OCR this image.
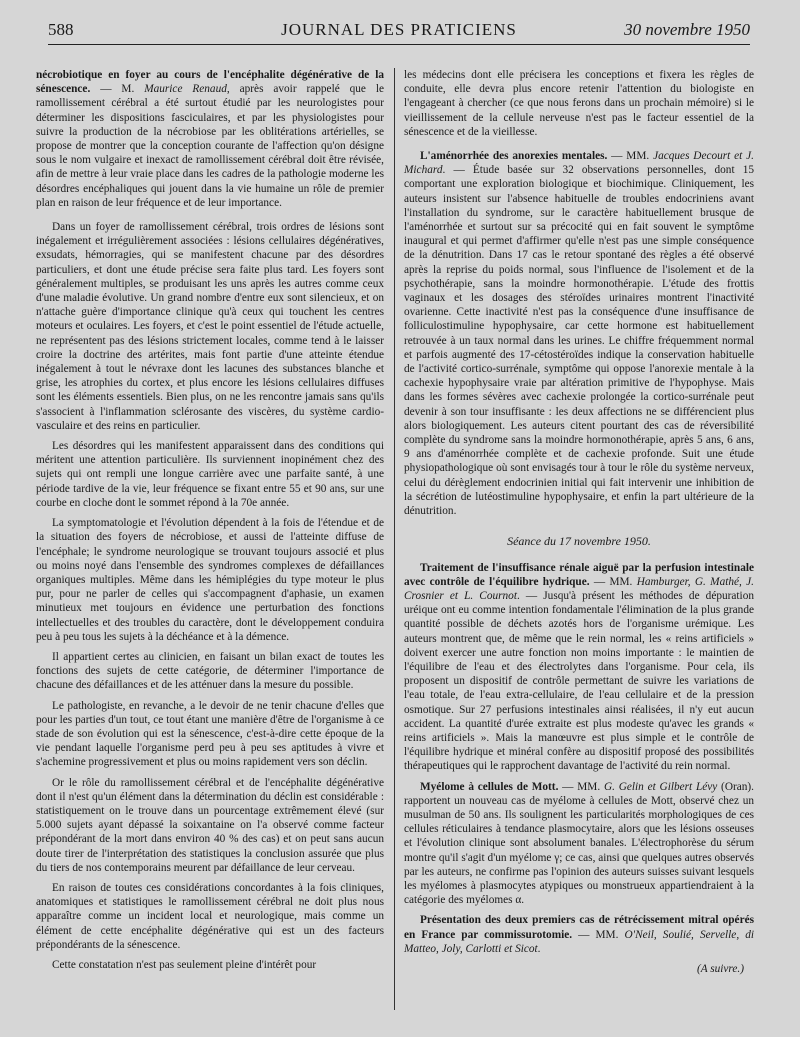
588	JOURNAL DES PRATICIENS	30 novembre 1950

nécrobiotique en foyer au cours de l'encéphalite dégénérative de la sénescence. — M. Maurice Renaud, après avoir rappelé que le ramollissement cérébral a été surtout étudié par les neurologistes pour déterminer les dispositions fasciculaires, et par les physiologistes pour suivre la production de la nécrobiose par les oblitérations artérielles, se propose de montrer que la conception courante de l'affection qu'on désigne sous le nom vulgaire et inexact de ramollissement cérébral doit être révisée, afin de mettre à leur vraie place dans les cadres de la pathologie moderne les désordres encéphaliques qui jouent dans la vie humaine un rôle de premier plan en raison de leur fréquence et de leur importance.

Dans un foyer de ramollissement cérébral, trois ordres de lésions sont inégalement et irrégulièrement associées : lésions cellulaires dégénératives, exsudats, hémorragies, qui se manifestent chacune par des désordres particuliers, et dont une étude précise sera faite plus tard. Les foyers sont généralement multiples, se produisant les uns après les autres comme ceux d'une maladie évolutive. Un grand nombre d'entre eux sont silencieux, et on n'attache guère d'importance clinique qu'à ceux qui touchent les centres moteurs et oculaires. Les foyers, et c'est le point essentiel de l'étude actuelle, ne représentent pas des lésions strictement locales, comme tend à le laisser croire la doctrine des artérites, mais font partie d'une atteinte étendue inégalement à tout le névraxe dont les lacunes des substances blanche et grise, les atrophies du cortex, et plus encore les lésions cellulaires diffuses sont les éléments essentiels. Bien plus, on ne les rencontre jamais sans qu'ils s'associent à l'inflammation sclérosante des viscères, du système cardio-vasculaire et des reins en particulier.

Les désordres qui les manifestent apparaissent dans des conditions qui méritent une attention particulière. Ils surviennent inopinément chez des sujets qui ont rempli une longue carrière avec une parfaite santé, à une période tardive de la vie, leur fréquence se fixant entre 55 et 90 ans, sur une courbe en cloche dont le sommet répond à la 70e année.

La symptomatologie et l'évolution dépendent à la fois de l'étendue et de la situation des foyers de nécrobiose, et aussi de l'atteinte diffuse de l'encéphale; le syndrome neurologique se trouvant toujours associé et plus ou moins noyé dans l'ensemble des syndromes complexes de défaillances organiques multiples. Même dans les hémiplégies du type moteur le plus pur, pour ne parler de celles qui s'accompagnent d'aphasie, un examen minutieux met toujours en évidence une perturbation des fonctions intellectuelles et des troubles du caractère, dont le développement conduira peu à peu tous les sujets à la déchéance et à la démence.

Il appartient certes au clinicien, en faisant un bilan exact de toutes les fonctions des sujets de cette catégorie, de déterminer l'importance de chacune des défaillances et de les atténuer dans la mesure du possible.

Le pathologiste, en revanche, a le devoir de ne tenir chacune d'elles que pour les parties d'un tout, ce tout étant une manière d'être de l'organisme à ce stade de son évolution qui est la sénescence, c'est-à-dire cette époque de la vie pendant laquelle l'organisme perd peu à peu ses aptitudes à vivre et s'achemine progressivement et plus ou moins rapidement vers son déclin.

Or le rôle du ramollissement cérébral et de l'encéphalite dégénérative dont il n'est qu'un élément dans la détermination du déclin est considérable : statistiquement on le trouve dans un pourcentage extrêmement élevé (sur 5.000 sujets ayant dépassé la soixantaine on l'a observé comme facteur prépondérant de la mort dans environ 40 % des cas) et on peut sans aucun doute tirer de l'interprétation des statistiques la conclusion assurée que plus du tiers de nos contemporains meurent par défaillance de leur cerveau.

En raison de toutes ces considérations concordantes à la fois cliniques, anatomiques et statistiques le ramollissement cérébral ne doit plus nous apparaître comme un incident local et neurologique, mais comme un élément de cette encéphalite dégénérative qui est un des facteurs prépondérants de la sénescence.

Cette constatation n'est pas seulement pleine d'intérêt pour

les médecins dont elle précisera les conceptions et fixera les règles de conduite, elle devra plus encore retenir l'attention du biologiste en l'engageant à chercher (ce que nous ferons dans un prochain mémoire) si le vieillissement de la cellule nerveuse n'est pas le facteur essentiel de la sénescence et de la vieillesse.

L'aménorrhée des anorexies mentales. — MM. Jacques Decourt et J. Michard. — Étude basée sur 32 observations personnelles, dont 15 comportant une exploration biologique et biochimique. Cliniquement, les auteurs insistent sur l'absence habituelle de troubles endocriniens avant l'installation du syndrome, sur le caractère habituellement brusque de l'aménorrhée et surtout sur sa précocité qui en fait souvent le symptôme inaugural et qui permet d'affirmer qu'elle n'est pas une simple conséquence de la dénutrition. Dans 17 cas le retour spontané des règles a été observé après la reprise du poids normal, sous l'influence de l'isolement et de la psychothérapie, sans la moindre hormonothérapie. L'étude des frottis vaginaux et les dosages des stéroïdes urinaires montrent l'inactivité ovarienne. Cette inactivité n'est pas la conséquence d'une insuffisance de folliculostimuline hypophysaire, car cette hormone est habituellement retrouvée à un taux normal dans les urines. Le chiffre fréquemment normal et parfois augmenté des 17-cétostéroïdes indique la conservation habituelle de l'activité cortico-surrénale, symptôme qui oppose l'anorexie mentale à la cachexie hypophysaire vraie par altération primitive de l'hypophyse. Mais dans les formes sévères avec cachexie prolongée la cortico-surrénale peut devenir à son tour insuffisante : les deux affections ne se différencient plus alors biologiquement. Les auteurs citent pourtant des cas de réversibilité complète du syndrome sans la moindre hormonothérapie, après 5 ans, 6 ans, 9 ans d'aménorrhée complète et de cachexie profonde. Suit une étude physiopathologique où sont envisagés tour à tour le rôle du système nerveux, celui du dérèglement endocrinien initial qui fait intervenir une inhibition de la sécrétion de lutéostimuline hypophysaire, et enfin la part ultérieure de la dénutrition.

Séance du 17 novembre 1950.

Traitement de l'insuffisance rénale aiguë par la perfusion intestinale avec contrôle de l'équilibre hydrique. — MM. Hamburger, G. Mathé, J. Crosnier et L. Cournot. — Jusqu'à présent les méthodes de dépuration uréique ont eu comme intention fondamentale l'élimination de la plus grande quantité possible de déchets azotés hors de l'organisme urémique. Les auteurs montrent que, de même que le rein normal, les « reins artificiels » doivent exercer une autre fonction non moins importante : le maintien de l'équilibre de l'eau et des électrolytes dans l'organisme. Pour cela, ils proposent un dispositif de contrôle permettant de suivre les variations de l'eau totale, de l'eau extra-cellulaire, de l'eau cellulaire et de la pression osmotique. Sur 27 perfusions intestinales ainsi réalisées, il n'y eut aucun accident. La quantité d'urée extraite est plus modeste qu'avec les grands « reins artificiels ». Mais la manœuvre est plus simple et le contrôle de l'équilibre hydrique et minéral confère au dispositif proposé des possibilités thérapeutiques qui le rapprochent davantage de l'activité du rein normal.

Myélome à cellules de Mott. — MM. G. Gelin et Gilbert Lévy (Oran). rapportent un nouveau cas de myélome à cellules de Mott, observé chez un musulman de 50 ans. Ils soulignent les particularités morphologiques de ces cellules réticulaires à tendance plasmocytaire, alors que les lésions osseuses et l'évolution clinique sont absolument banales. L'électrophorèse du sérum montre qu'il s'agit d'un myélome γ; ce cas, ainsi que quelques autres observés par les auteurs, ne confirme pas l'opinion des auteurs suisses suivant lesquels les myélomes à plasmocytes atypiques ou monstrueux appartiendraient à la catégorie des myélomes α.

Présentation des deux premiers cas de rétrécissement mitral opérés en France par commissurotomie. — MM. O'Neil, Soulié, Servelle, di Matteo, Joly, Carlotti et Sicot.

(A suivre.)
